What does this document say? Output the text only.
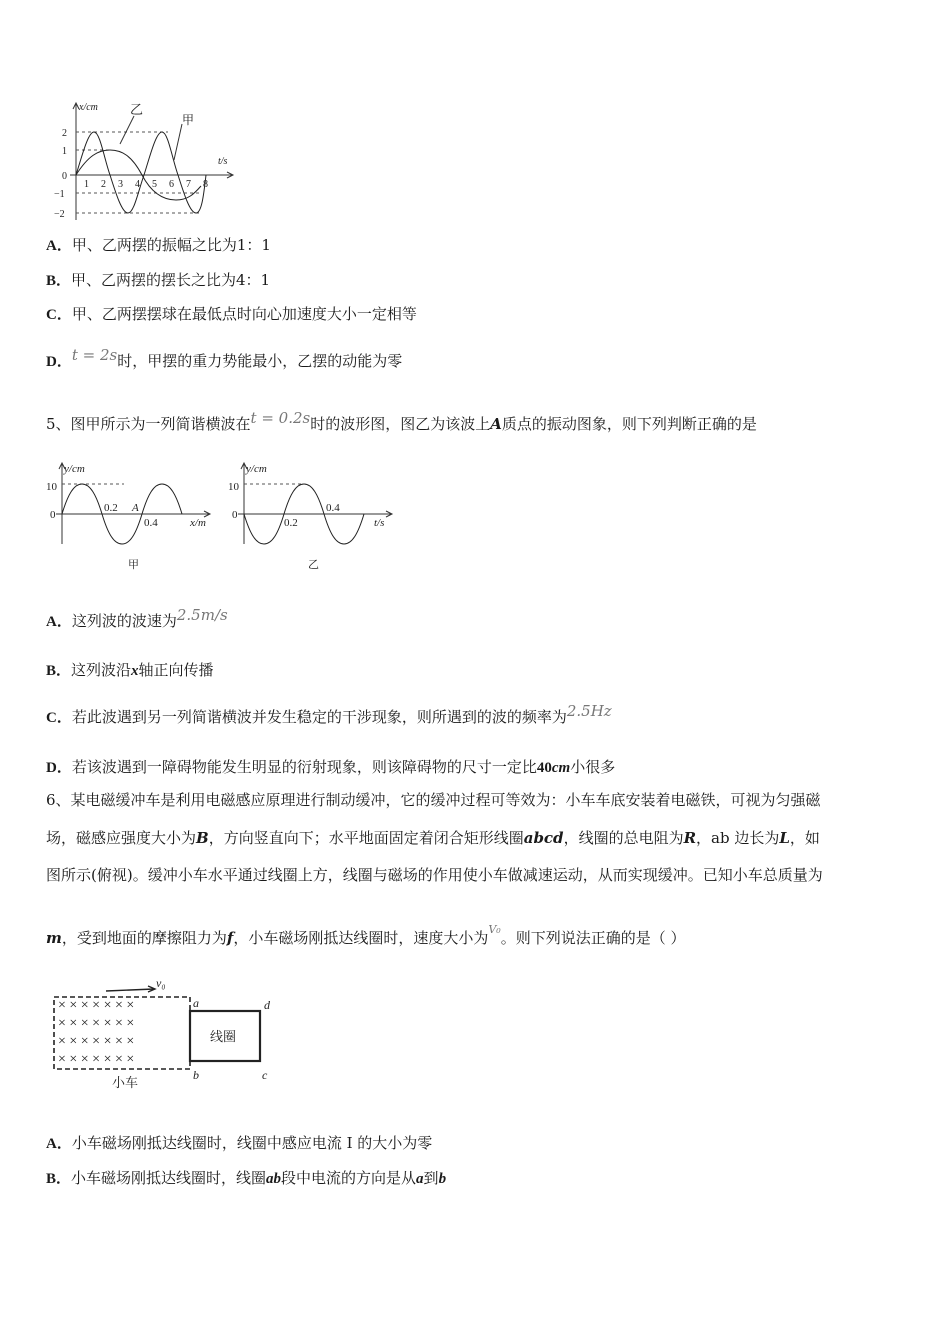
x/cm
t/s
乙
甲
2
1
0
−1
−2
1 2 3 4 5 6 7 8
A．甲、乙两摆的振幅之比为1：1
B．甲、乙两摆的摆长之比为4：1
C．甲、乙两摆摆球在最低点时向心加速度大小一定相等
D．t = 2s时，甲摆的重力势能最小，乙摆的动能为零
5、图甲所示为一列简谐横波在t = 0.2s时的波形图，图乙为该波上A质点的振动图象，则下列判断正确的是
y/cm
10
0
0.2 A
0.4	x/m
甲
y/cm
10
0
0.2
0.4
t/s
乙
A．这列波的波速为2.5m/s
B．这列波沿x轴正向传播
C．若此波遇到另一列简谐横波并发生稳定的干涉现象，则所遇到的波的频率为2.5Hz
D．若该波遇到一障碍物能发生明显的衍射现象，则该障碍物的尺寸一定比40cm小很多
6、某电磁缓冲车是利用电磁感应原理进行制动缓冲，它的缓冲过程可等效为：小车车底安装着电磁铁，可视为匀强磁
场，磁感应强度大小为B，方向竖直向下；水平地面固定着闭合矩形线圈abcd，线圈的总电阻为R，ab 边长为L，如
图所示(俯视)。缓冲小车水平通过线圈上方，线圈与磁场的作用使小车做减速运动，从而实现缓冲。已知小车总质量为
m，受到地面的摩擦阻力为f，小车磁场刚抵达线圈时，速度大小为$^{V_0}$。则下列说法正确的是（ ）
× × × × × × ×
× × × × × × ×
× × × × × × ×
× × × × × × ×
v₀
a
b	c
d
线圈
小车
A．小车磁场刚抵达线圈时，线圈中感应电流 I 的大小为零
B．小车磁场刚抵达线圈时，线圈ab段中电流的方向是从a到b
